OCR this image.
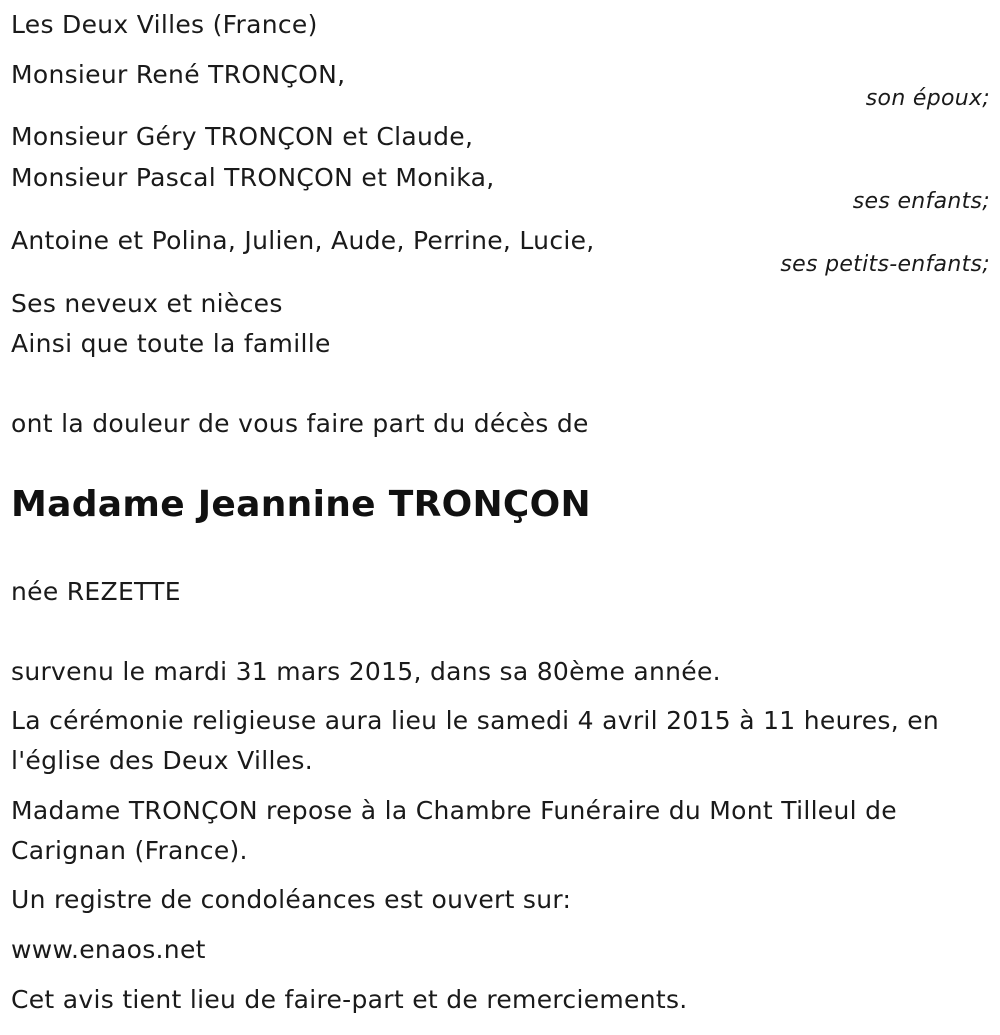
Les Deux Villes (France)
Monsieur René TRONÇON,
son époux;
Monsieur Géry TRONÇON et Claude,
Monsieur Pascal TRONÇON et Monika,
ses enfants;
Antoine et Polina, Julien, Aude, Perrine, Lucie,
ses petits-enfants;
Ses neveux et nièces
Ainsi que toute la famille
ont la douleur de vous faire part du décès de
Madame Jeannine TRONÇON
née REZETTE
survenu le mardi 31 mars 2015, dans sa 80ème année.
La cérémonie religieuse aura lieu le samedi 4 avril 2015 à 11 heures, en
l'église des Deux Villes.
Madame TRONÇON repose à la Chambre Funéraire du Mont Tilleul de
Carignan (France).
Un registre de condoléances est ouvert sur:
www.enaos.net
Cet avis tient lieu de faire-part et de remerciements.
